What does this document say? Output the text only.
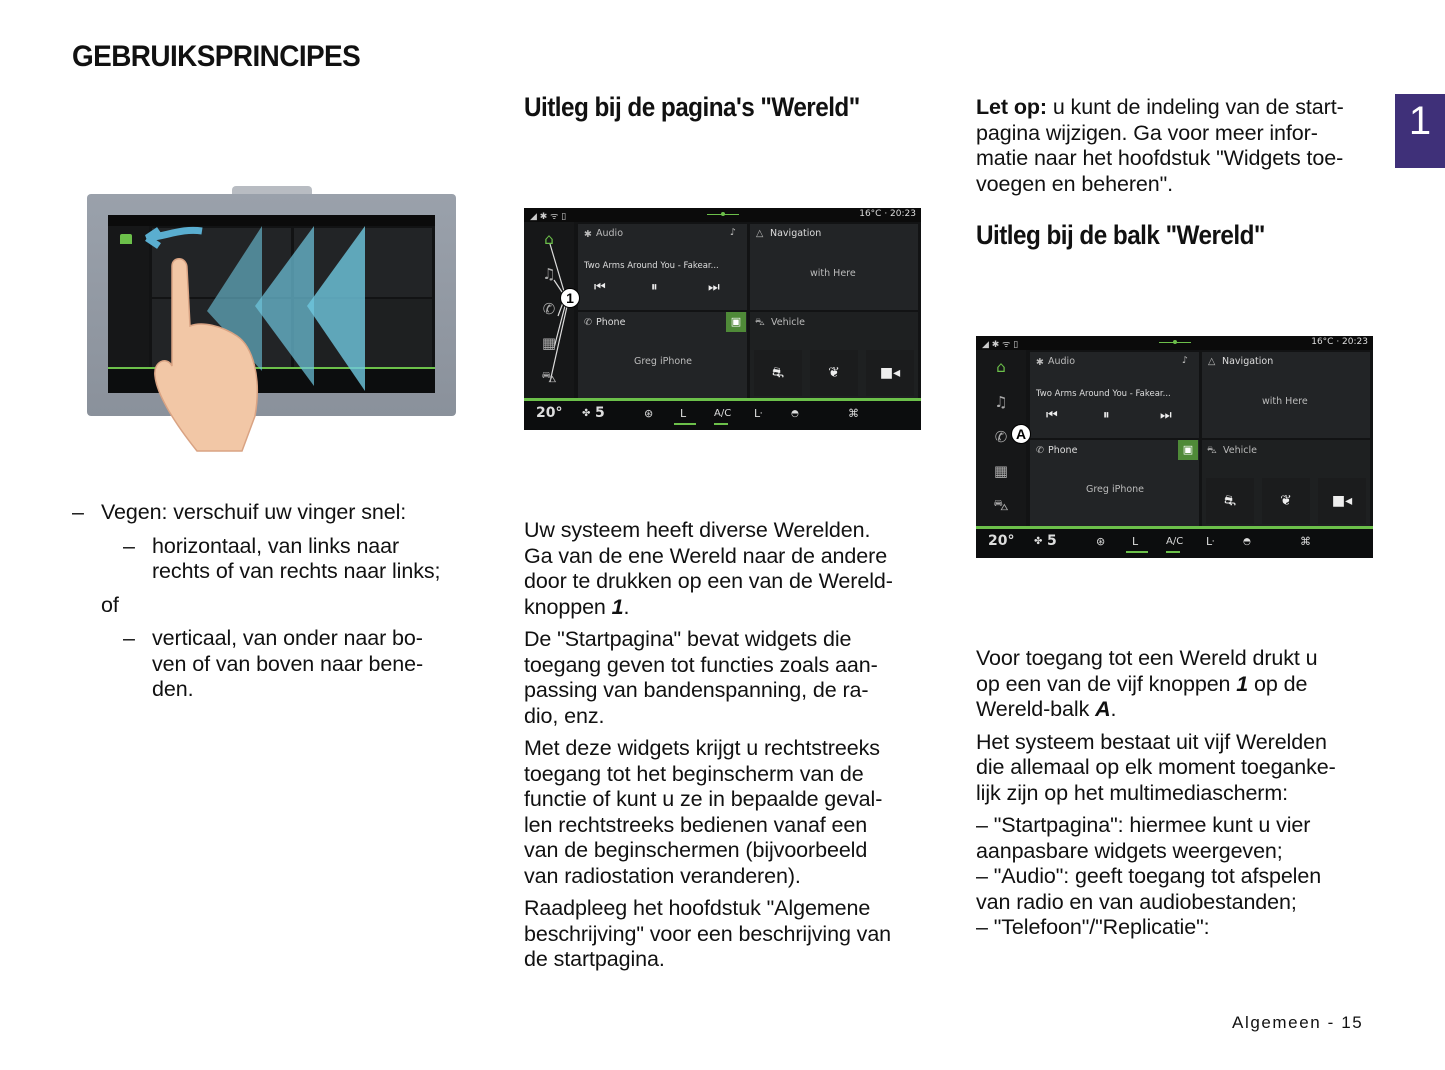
GEBRUIKSPRINCIPES
1
– Vegen: verschuif uw vinger snel:
– horizontaal, van links naar
rechts of van rechts naar links;
of
– verticaal, van onder naar bo-
ven of van boven naar bene-
den.
Uitleg bij de pagina's "Wereld"
◢ ✱ ᯤ ▯	16°C · 20:23
⌂
♫
✆
▦
⛍
✱ Audio	♪
Two Arms Around You - Fakear...
⏮	⏸	⏭
△ Navigation
with Here
✆ Phone	▣
Greg iPhone
⛍ Vehicle
⛐	❦	■◂
20° ✤ 5	⊛ ᒪ	A/C ᒷ	◓	⌘
1
Uw systeem heeft diverse Werelden.
Ga van de ene Wereld naar de andere
door te drukken op een van de Wereld-
knoppen 1.
De "Startpagina" bevat widgets die
toegang geven tot functies zoals aan-
passing van bandenspanning, de ra-
dio, enz.
Met deze widgets krijgt u rechtstreeks
toegang tot het beginscherm van de
functie of kunt u ze in bepaalde geval-
len rechtstreeks bedienen vanaf een
van de beginschermen (bijvoorbeeld
van radiostation veranderen).
Raadpleeg het hoofdstuk "Algemene
beschrijving" voor een beschrijving van
de startpagina.
Let op: u kunt de indeling van de start-
pagina wijzigen. Ga voor meer infor-
matie naar het hoofdstuk "Widgets toe-
voegen en beheren".
Uitleg bij de balk "Wereld"
◢ ✱ ᯤ ▯	16°C · 20:23
⌂
♫
✆
▦
⛍
✱ Audio	♪
Two Arms Around You - Fakear...
⏮	⏸	⏭
△ Navigation
with Here
✆ Phone	▣
Greg iPhone
⛍ Vehicle
⛐	❦	■◂
20° ✤ 5	⊛ ᒪ	A/C ᒷ	◓	⌘
A
Voor toegang tot een Wereld drukt u
op een van de vijf knoppen 1 op de
Wereld-balk A.
Het systeem bestaat uit vijf Werelden
die allemaal op elk moment toeganke-
lijk zijn op het multimediascherm:
– "Startpagina": hiermee kunt u vier
aanpasbare widgets weergeven;
– "Audio": geeft toegang tot afspelen
van radio en van audiobestanden;
– "Telefoon"/"Replicatie":
Algemeen - 15
